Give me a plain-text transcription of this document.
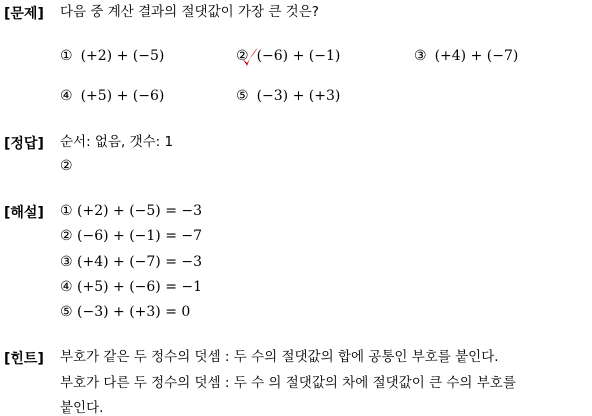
[문제] 다음 중 계산 결과의 절댓값이 가장 큰 것은?
① (+2) + (−5)	② (−6) + (−1)	③ (+4) + (−7)
④ (+5) + (−6)	⑤ (−3) + (+3)
[정답] 순서: 없음, 갯수: 1
②
[해설] ① (+2) + (−5) = −3
② (−6) + (−1) = −7
③ (+4) + (−7) = −3
④ (+5) + (−6) = −1
⑤ (−3) + (+3) = 0
[힌트] 부호가 같은 두 정수의 덧셈 : 두 수의 절댓값의 합에 공통인 부호를 붙인다.
부호가 다른 두 정수의 덧셈 : 두 수 의 절댓값의 차에 절댓값이 큰 수의 부호를
붙인다.
